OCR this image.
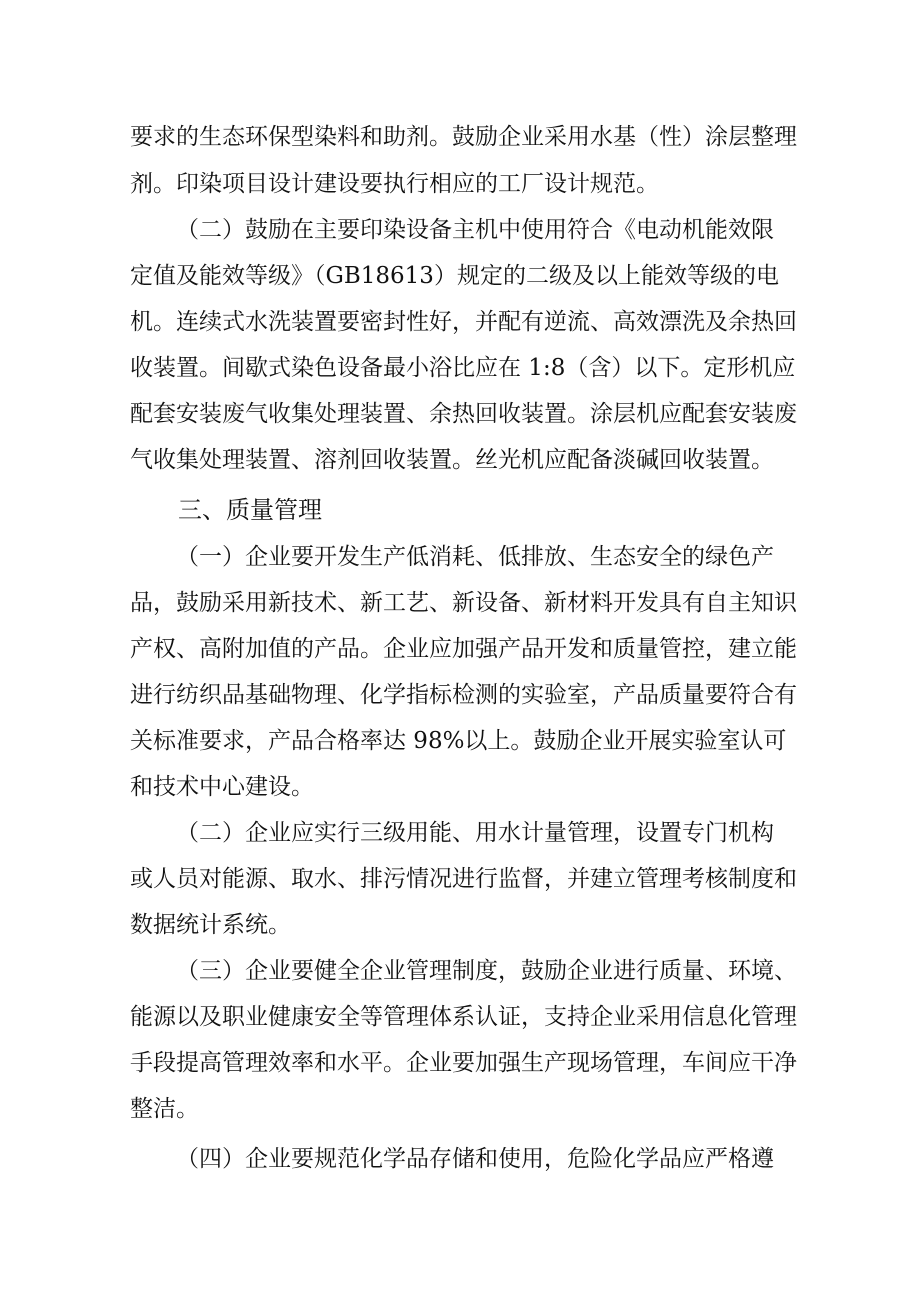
要求的生态环保型染料和助剂。鼓励企业采用水基（性）涂层整理
剂。印染项目设计建设要执行相应的工厂设计规范。
（二）鼓励在主要印染设备主机中使用符合《电动机能效限
定值及能效等级》（GB18613）规定的二级及以上能效等级的电
机。连续式水洗装置要密封性好，并配有逆流、高效漂洗及余热回
收装置。间歇式染色设备最小浴比应在 1:8（含）以下。定形机应
配套安装废气收集处理装置、余热回收装置。涂层机应配套安装废
气收集处理装置、溶剂回收装置。丝光机应配备淡碱回收装置。
三、质量管理
（一）企业要开发生产低消耗、低排放、生态安全的绿色产
品，鼓励采用新技术、新工艺、新设备、新材料开发具有自主知识
产权、高附加值的产品。企业应加强产品开发和质量管控，建立能
进行纺织品基础物理、化学指标检测的实验室，产品质量要符合有
关标准要求，产品合格率达 98%以上。鼓励企业开展实验室认可
和技术中心建设。
（二）企业应实行三级用能、用水计量管理，设置专门机构
或人员对能源、取水、排污情况进行监督，并建立管理考核制度和
数据统计系统。
（三）企业要健全企业管理制度，鼓励企业进行质量、环境、
能源以及职业健康安全等管理体系认证，支持企业采用信息化管理
手段提高管理效率和水平。企业要加强生产现场管理，车间应干净
整洁。
（四）企业要规范化学品存储和使用，危险化学品应严格遵
